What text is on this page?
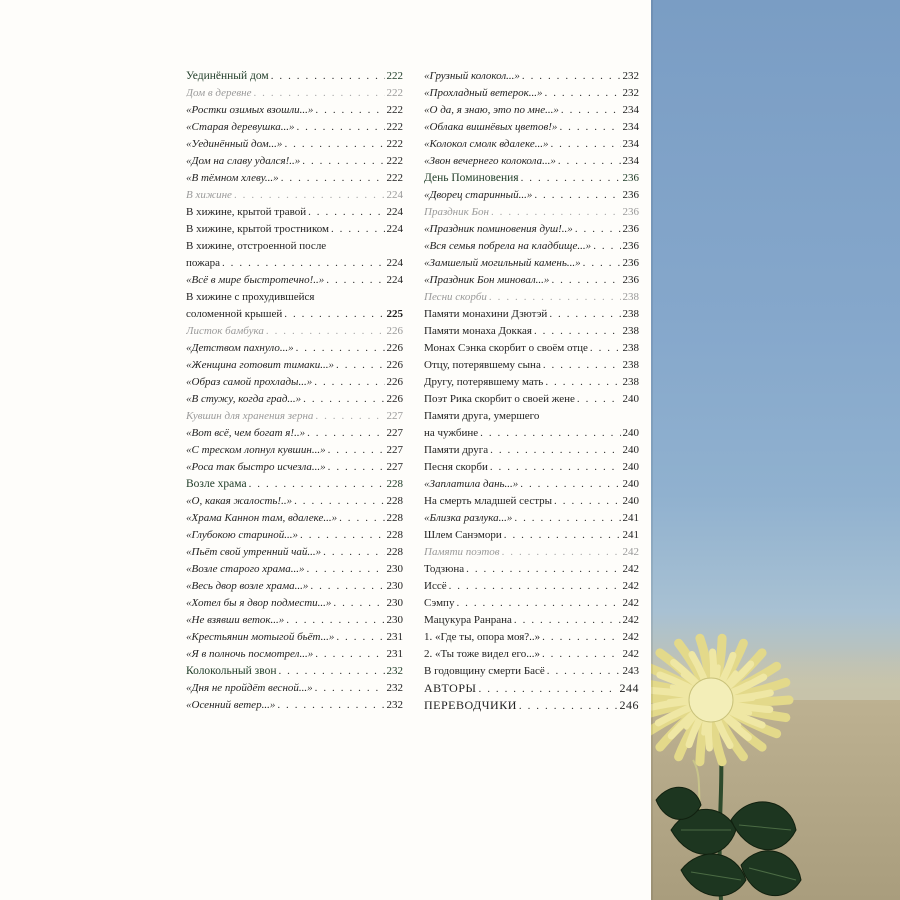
Уединённый дом . . .	222
Дом в деревне . . .	222
«Ростки озимых взошли...» . . .	222
«Старая деревушка...» . . .	222
«Уединённый дом...» . . .	222
«Дом на славу удался!..» . . .	222
«В тёмном хлеву...» . . .	222
В хижине . . .	224
В хижине, крытой травой . . .	224
В хижине, крытой тростником . . .	224
В хижине, отстроенной после
пожара . . .	224
«Всё в мире быстротечно!..» . . .	224
В хижине с прохудившейся
соломенной крышей . . .	225
Листок бамбука . . .	226
«Детством пахнуло...» . . .	226
«Женщина готовит тимаки...» . . .	226
«Образ самой прохлады...» . . .	226
«В стужу, когда град...» . . .	226
Кувшин для хранения зерна . . .	227
«Вот всё, чем богат я!..» . . .	227
«С треском лопнул кувшин...» . . .	227
«Роса так быстро исчезла...» . . .	227
Возле храма . . .	228
«О, какая жалость!..» . . .	228
«Храма Каннон там, вдалеке...» . . .	228
«Глубокою стариной...» . . .	228
«Пьёт свой утренний чай...» . . .	228
«Возле старого храма...» . . .	230
«Весь двор возле храма...» . . .	230
«Хотел бы я двор подмести...» . . .	230
«Не взявши веток...» . . .	230
«Крестьянин мотыгой бьёт...» . . .	231
«Я в полночь посмотрел...» . . .	231
Колокольный звон . . .	232
«Дня не пройдёт весной...» . . .	232
«Осенний ветер...» . . .	232
«Грузный колокол...» . . .	232
«Прохладный ветерок...» . . .	232
«О да, я знаю, это по мне...» . . .	234
«Облака вишнёвых цветов!» . . .	234
«Колокол смолк вдалеке...» . . .	234
«Звон вечернего колокола...» . . .	234
День Поминовения . . .	236
«Дворец старинный...» . . .	236
Праздник Бон . . .	236
«Праздник поминовения душ!..» . . .	236
«Вся семья побрела на кладбище...» . . .	236
«Замшелый могильный камень...» . . .	236
«Праздник Бон миновал...» . . .	236
Песни скорби . . .	238
Памяти монахини Дзютэй . . .	238
Памяти монаха Доккая . . .	238
Монах Сэнка скорбит о своём отце . . .	238
Отцу, потерявшему сына . . .	238
Другу, потерявшему мать . . .	238
Поэт Рика скорбит о своей жене . . .	240
Памяти друга, умершего
на чужбине . . .	240
Памяти друга . . .	240
Песня скорби . . .	240
«Заплатила дань...» . . .	240
На смерть младшей сестры . . .	240
«Близка разлука...» . . .	241
Шлем Санэмори . . .	241
Памяти поэтов . . .	242
Тодзюна . . .	242
Иссё . . .	242
Сэмпу . . .	242
Мацукура Ранрана . . .	242
1. «Где ты, опора моя?..» . . .	242
2. «Ты тоже видел его...» . . .	242
В годовщину смерти Басё . . .	243
АВТОРЫ . . .	244
ПЕРЕВОДЧИКИ . . .	246
